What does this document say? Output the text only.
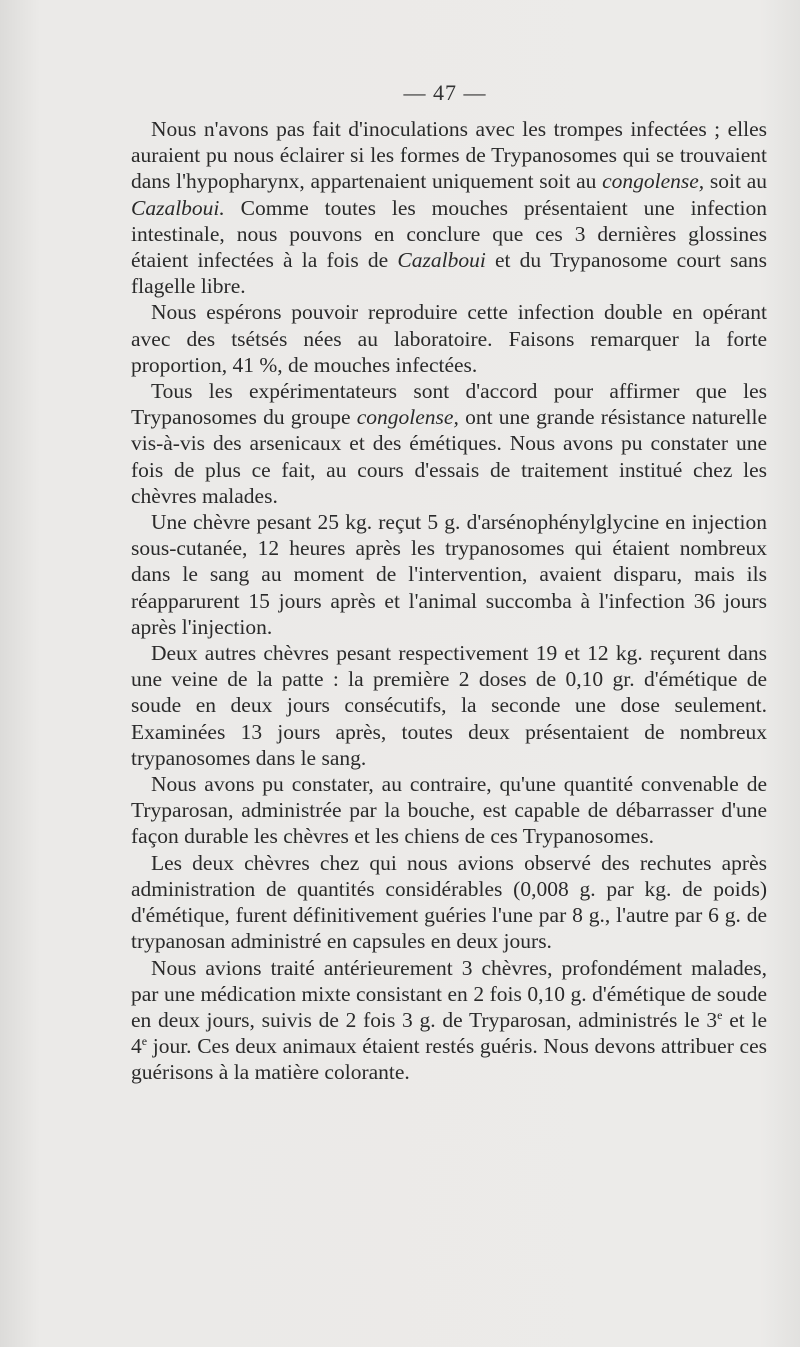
— 47 —

Nous n'avons pas fait d'inoculations avec les trompes infectées ; elles auraient pu nous éclairer si les formes de Trypanosomes qui se trouvaient dans l'hypopharynx, appartenaient uniquement soit au congolense, soit au Cazalboui. Comme toutes les mouches présentaient une infection intestinale, nous pouvons en conclure que ces 3 dernières glossines étaient infectées à la fois de Cazalboui et du Trypanosome court sans flagelle libre.

Nous espérons pouvoir reproduire cette infection double en opérant avec des tsétsés nées au laboratoire. Faisons remarquer la forte proportion, 41 %, de mouches infectées.

Tous les expérimentateurs sont d'accord pour affirmer que les Trypanosomes du groupe congolense, ont une grande résistance naturelle vis-à-vis des arsenicaux et des émétiques. Nous avons pu constater une fois de plus ce fait, au cours d'essais de traitement institué chez les chèvres malades.

Une chèvre pesant 25 kg. reçut 5 g. d'arsénophénylglycine en injection sous-cutanée, 12 heures après les trypanosomes qui étaient nombreux dans le sang au moment de l'intervention, avaient disparu, mais ils réapparurent 15 jours après et l'animal succomba à l'infection 36 jours après l'injection.

Deux autres chèvres pesant respectivement 19 et 12 kg. reçurent dans une veine de la patte : la première 2 doses de 0,10 gr. d'émétique de soude en deux jours consécutifs, la seconde une dose seulement. Examinées 13 jours après, toutes deux présentaient de nombreux trypanosomes dans le sang.

Nous avons pu constater, au contraire, qu'une quantité convenable de Tryparosan, administrée par la bouche, est capable de débarrasser d'une façon durable les chèvres et les chiens de ces Trypanosomes.

Les deux chèvres chez qui nous avions observé des rechutes après administration de quantités considérables (0,008 g. par kg. de poids) d'émétique, furent définitivement guéries l'une par 8 g., l'autre par 6 g. de trypanosan administré en capsules en deux jours.

Nous avions traité antérieurement 3 chèvres, profondément malades, par une médication mixte consistant en 2 fois 0,10 g. d'émétique de soude en deux jours, suivis de 2 fois 3 g. de Tryparosan, administrés le 3e et le 4e jour. Ces deux animaux étaient restés guéris. Nous devons attribuer ces guérisons à la matière colorante.
